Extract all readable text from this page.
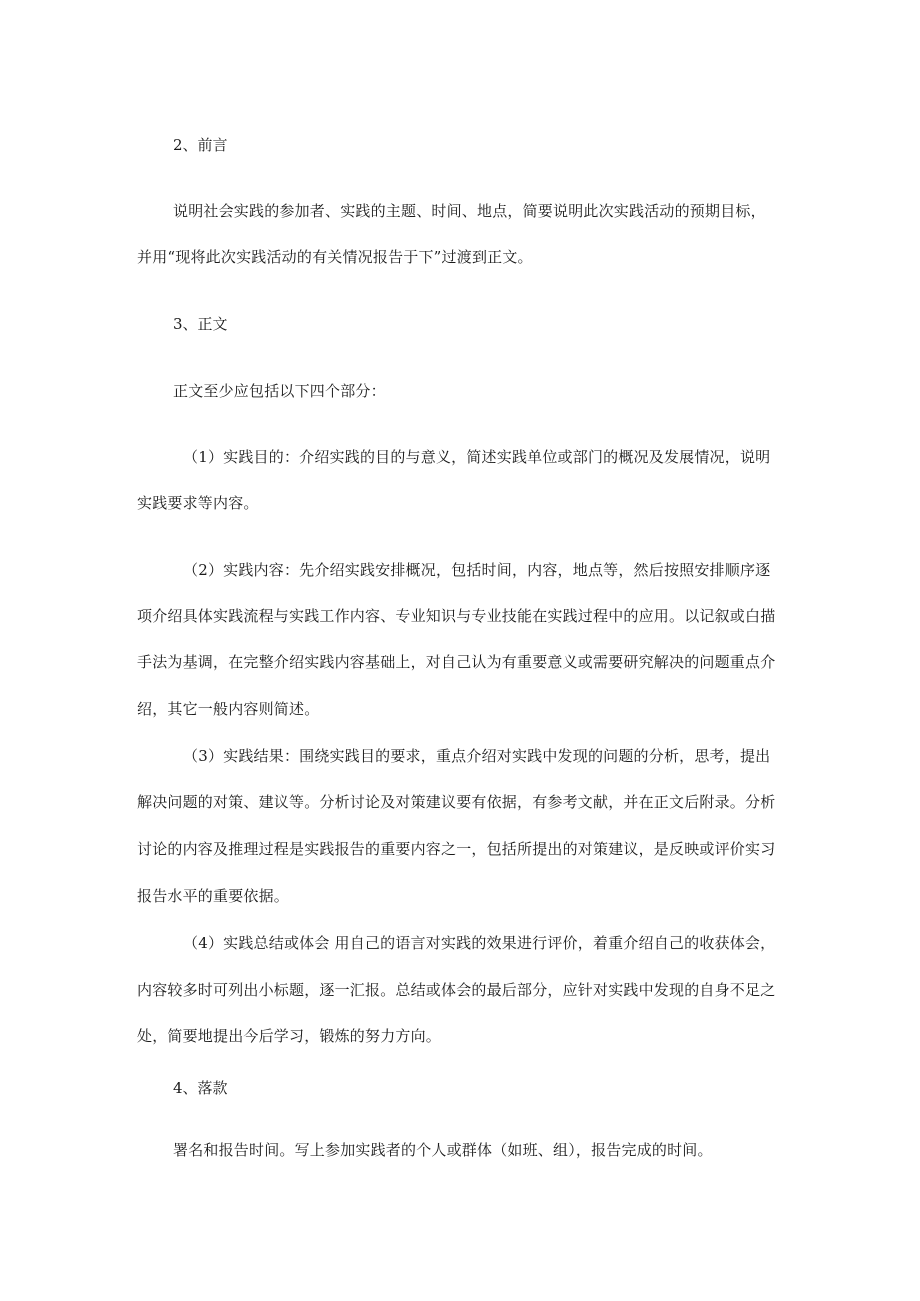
2、前言
说明社会实践的参加者、实践的主题、时间、地点，简要说明此次实践活动的预期目标，
并用“现将此次实践活动的有关情况报告于下”过渡到正文。
3、正文
正文至少应包括以下四个部分：
（1）实践目的：介绍实践的目的与意义，简述实践单位或部门的概况及发展情况，说明
实践要求等内容。
（2）实践内容：先介绍实践安排概况，包括时间，内容，地点等，然后按照安排顺序逐
项介绍具体实践流程与实践工作内容、专业知识与专业技能在实践过程中的应用。以记叙或白描
手法为基调，在完整介绍实践内容基础上，对自己认为有重要意义或需要研究解决的问题重点介
绍，其它一般内容则简述。
（3）实践结果：围绕实践目的要求，重点介绍对实践中发现的问题的分析，思考，提出
解决问题的对策、建议等。分析讨论及对策建议要有依据，有参考文献，并在正文后附录。分析
讨论的内容及推理过程是实践报告的重要内容之一，包括所提出的对策建议，是反映或评价实习
报告水平的重要依据。
（4）实践总结或体会 用自己的语言对实践的效果进行评价，着重介绍自己的收获体会，
内容较多时可列出小标题，逐一汇报。总结或体会的最后部分，应针对实践中发现的自身不足之
处，简要地提出今后学习，锻炼的努力方向。
4、落款
署名和报告时间。写上参加实践者的个人或群体（如班、组），报告完成的时间。
